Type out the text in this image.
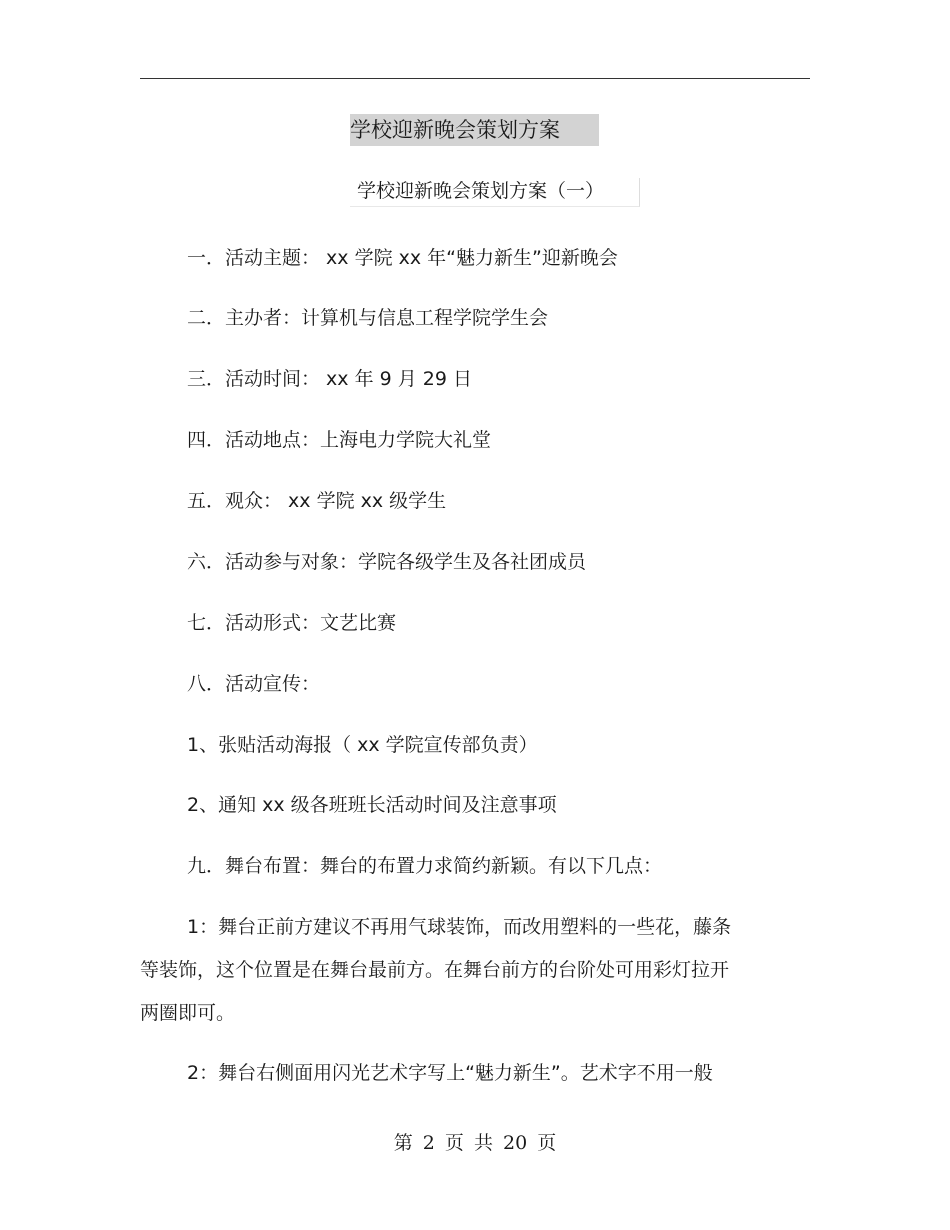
学校迎新晚会策划方案
学校迎新晚会策划方案（一）
一．活动主题： xx 学院 xx 年“魅力新生”迎新晚会
二．主办者：计算机与信息工程学院学生会
三．活动时间： xx 年 9 月 29 日
四．活动地点：上海电力学院大礼堂
五．观众： xx 学院 xx 级学生
六．活动参与对象：学院各级学生及各社团成员
七．活动形式：文艺比赛
八．活动宣传：
1、张贴活动海报（ xx 学院宣传部负责）
2、通知 xx 级各班班长活动时间及注意事项
九．舞台布置：舞台的布置力求简约新颖。有以下几点：
1：舞台正前方建议不再用气球装饰，而改用塑料的一些花，藤条
等装饰，这个位置是在舞台最前方。在舞台前方的台阶处可用彩灯拉开
两圈即可。
2：舞台右侧面用闪光艺术字写上“魅力新生”。艺术字不用一般
第 2 页 共 20 页
